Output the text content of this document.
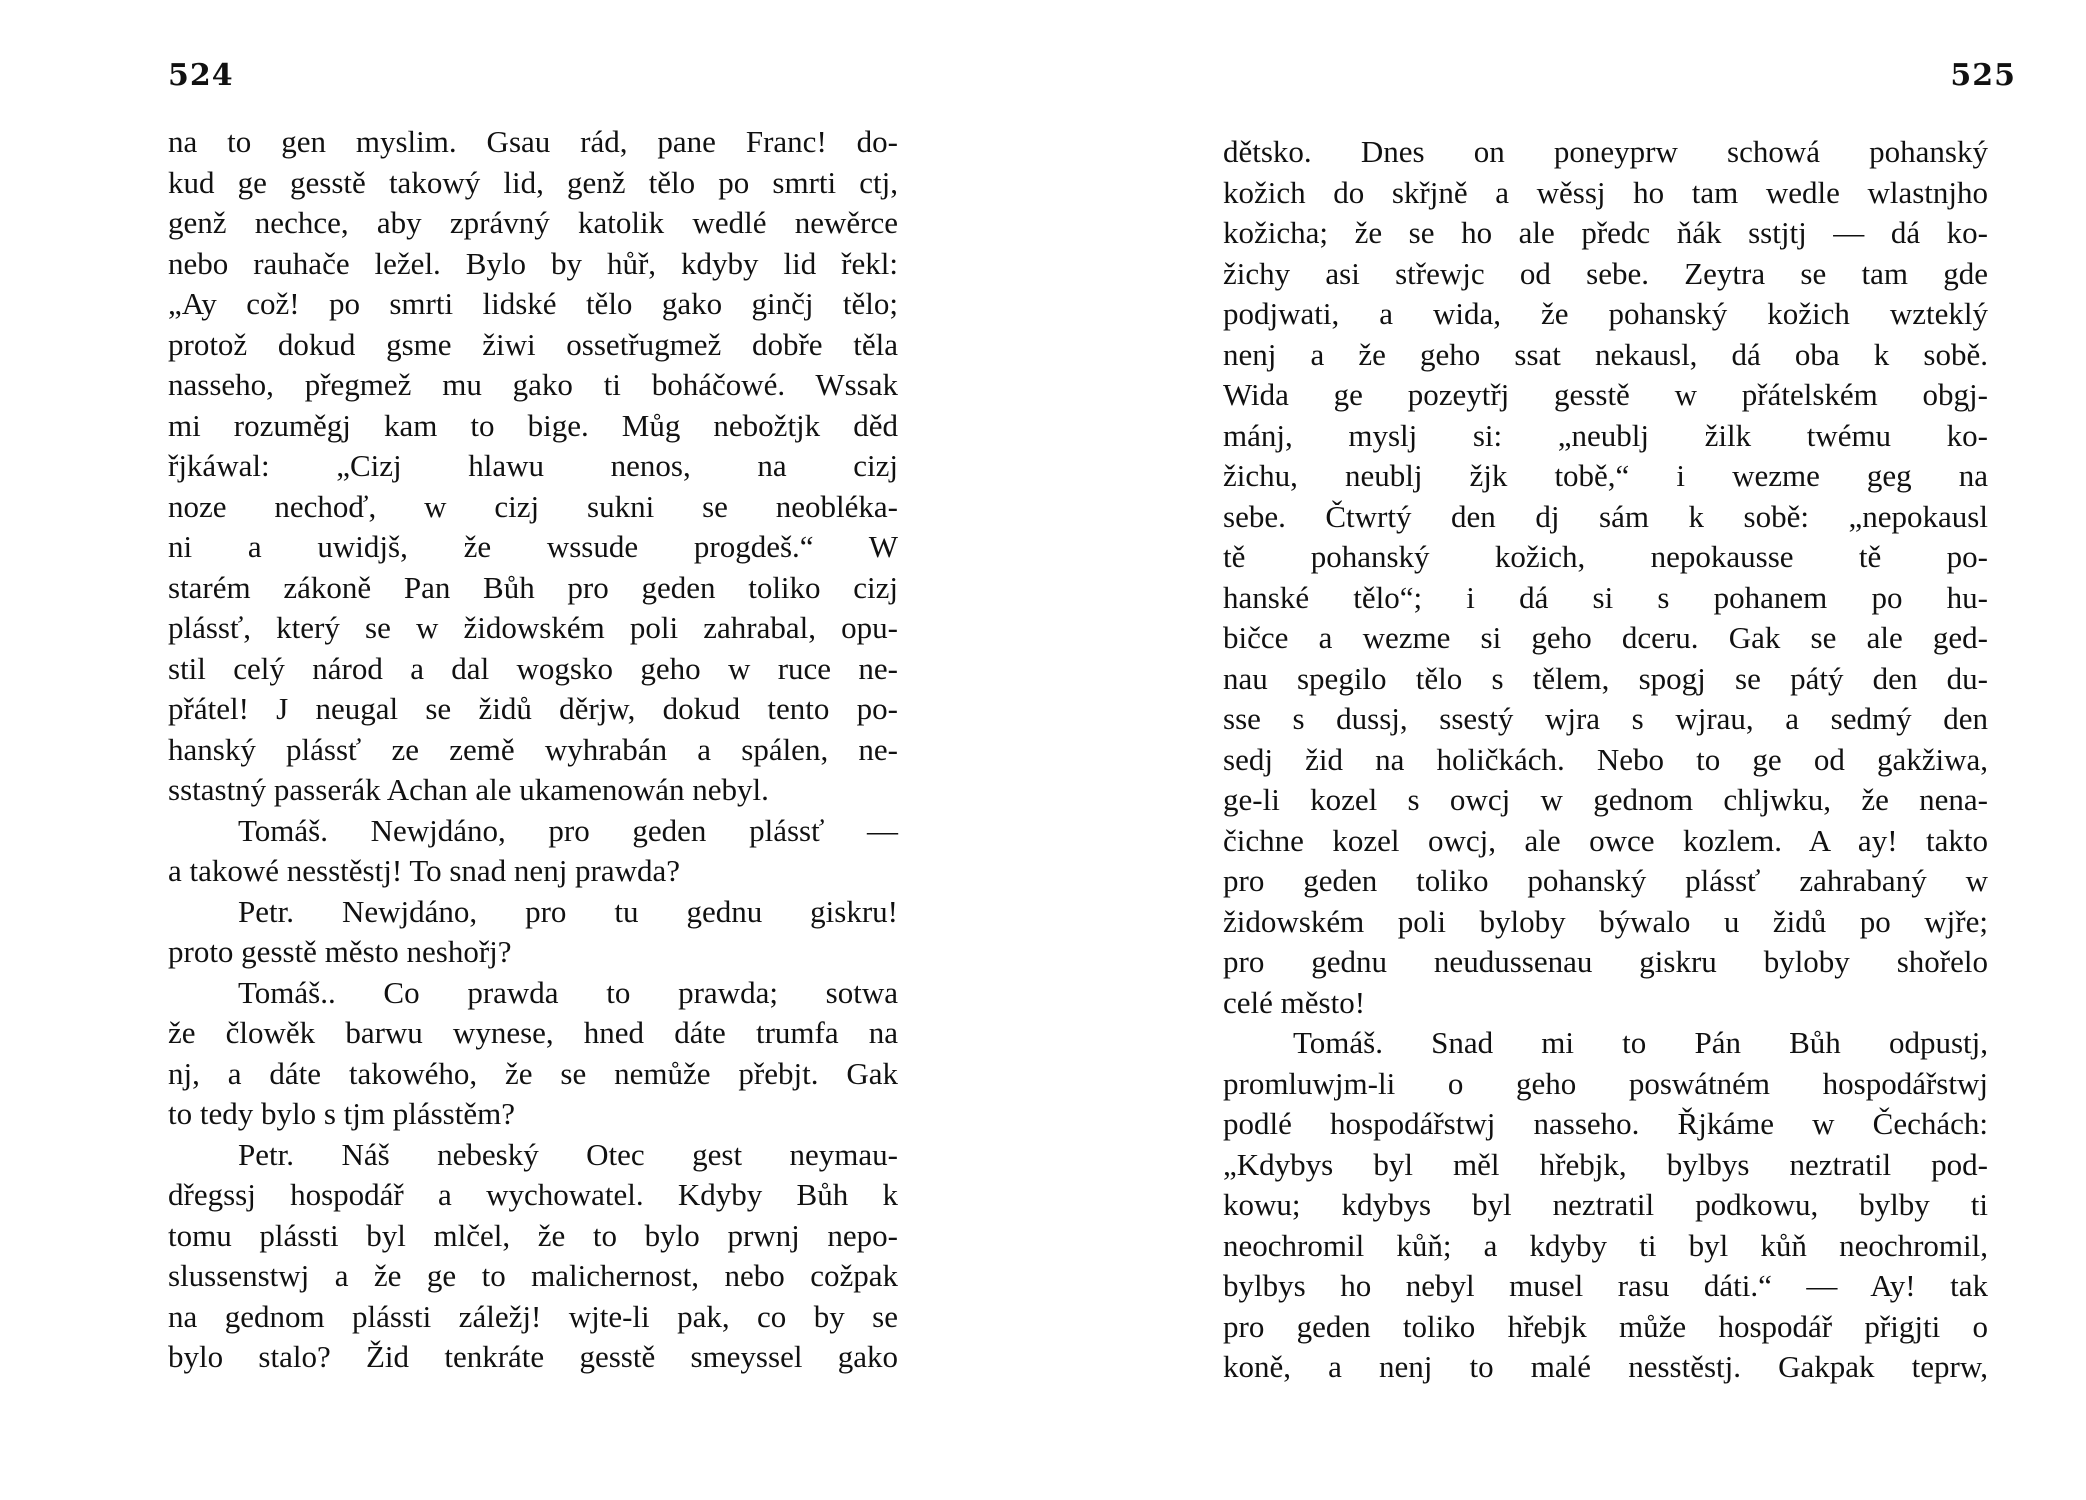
524
na to gen myslim. Gsau rád, pane Franc! do-
kud ge gesstě takowý lid, genž tělo po smrti ctj,
genž nechce, aby zprávný katolik wedlé newěrce
nebo rauhače ležel. Bylo by hůř, kdyby lid řekl:
„Ay což! po smrti lidské tělo gako ginčj tělo;
protož dokud gsme žiwi ossetřugmež dobře těla
nasseho, přegmež mu gako ti boháčowé. Wssak
mi rozuměgj kam to bige. Můg nebožtjk děd
řjkáwal: „Cizj hlawu nenos, na cizj
noze nechoď, w cizj sukni se neobléka-
ni a uwidjš, že wssude progdeš.“ W
starém zákoně Pan Bůh pro geden toliko cizj
plássť, který se w židowském poli zahrabal, opu-
stil celý národ a dal wogsko geho w ruce ne-
přátel! J neugal se židů děrjw, dokud tento po-
hanský plássť ze země wyhrabán a spálen, ne-
sstastný passerák Achan ale ukamenowán nebyl.
Tomáš. Newjdáno, pro geden plássť —
a takowé nesstěstj! To snad nenj prawda?
Petr. Newjdáno, pro tu gednu giskru!
proto gesstě město neshořj?
Tomáš.. Co prawda to prawda; sotwa
že člowěk barwu wynese, hned dáte trumfa na
nj, a dáte takowého, že se nemůže přebjt. Gak
to tedy bylo s tjm plásstěm?
Petr. Náš nebeský Otec gest neymau-
dřegssj hospodář a wychowatel. Kdyby Bůh k
tomu plássti byl mlčel, že to bylo prwnj nepo-
slussenstwj a že ge to malichernost, nebo cožpak
na gednom plássti záležj! wjte-li pak, co by se
bylo stalo? Žid tenkráte gesstě smeyssel gako
525
dětsko. Dnes on poneyprw schowá pohanský
kožich do skřjně a wěssj ho tam wedle wlastnjho
kožicha; že se ho ale předc ňák sstjtj — dá ko-
žichy asi střewjc od sebe. Zeytra se tam gde
podjwati, a wida, že pohanský kožich wzteklý
nenj a že geho ssat nekausl, dá oba k sobě.
Wida ge pozeytřj gesstě w přátelském obgj-
mánj, myslj si: „neublj žilk twému ko-
žichu, neublj žjk tobě,“ i wezme geg na
sebe. Čtwrtý den dj sám k sobě: „nepokausl
tě pohanský kožich, nepokausse tě po-
hanské tělo“; i dá si s pohanem po hu-
bičce a wezme si geho dceru. Gak se ale ged-
nau spegilo tělo s tělem, spogj se pátý den du-
sse s dussj, ssestý wjra s wjrau, a sedmý den
sedj žid na holičkách. Nebo to ge od gakžiwa,
ge-li kozel s owcj w gednom chljwku, že nena-
čichne kozel owcj, ale owce kozlem. A ay! takto
pro geden toliko pohanský plássť zahrabaný w
židowském poli byloby býwalo u židů po wjře;
pro gednu neudussenau giskru byloby shořelo
celé město!
Tomáš. Snad mi to Pán Bůh odpustj,
promluwjm-li o geho poswátném hospodářstwj
podlé hospodářstwj nasseho. Řjkáme w Čechách:
„Kdybys byl měl hřebjk, bylbys neztratil pod-
kowu; kdybys byl neztratil podkowu, bylby ti
neochromil kůň; a kdyby ti byl kůň neochromil,
bylbys ho nebyl musel rasu dáti.“ — Ay! tak
pro geden toliko hřebjk může hospodář přigjti o
koně, a nenj to malé nesstěstj. Gakpak teprw,
